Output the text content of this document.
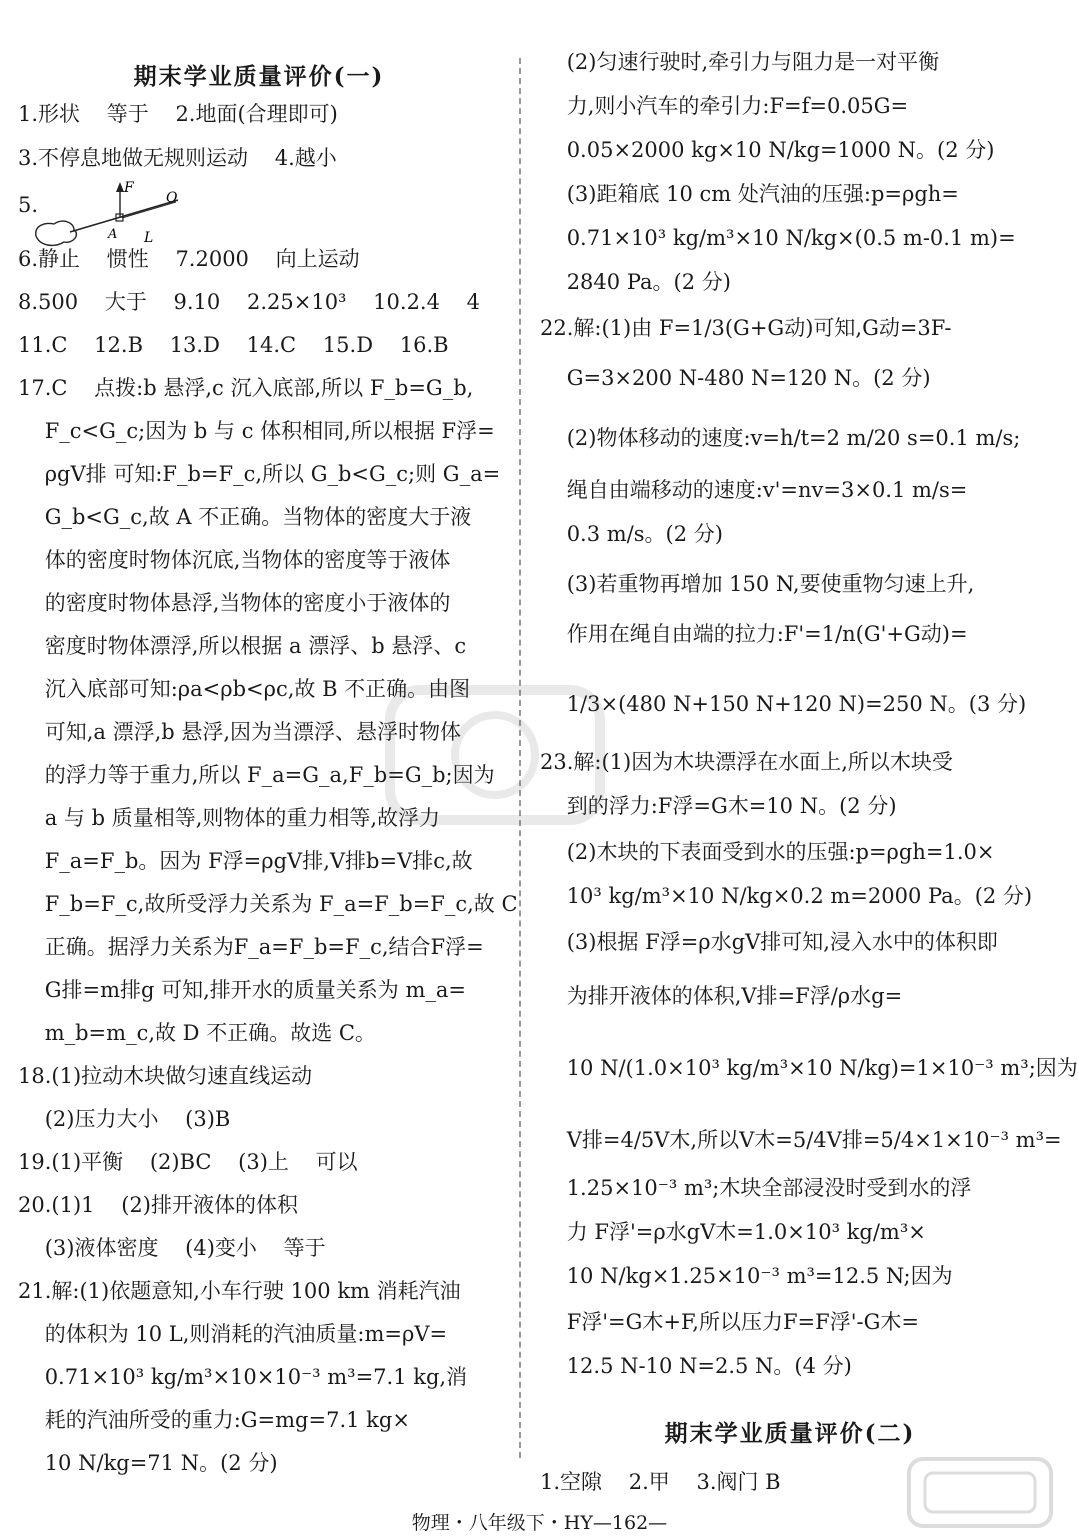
期末学业质量评价(一)
1.形状    等于    2.地面(合理即可)
3.不停息地做无规则运动    4.越小
5.
6.静止    惯性    7.2000    向上运动
8.500    大于    9.10    2.25×10³    10.2.4    4
11.C    12.B    13.D    14.C    15.D    16.B
17.C    点拨:b 悬浮,c 沉入底部,所以 F_b=G_b,
F_c<G_c;因为 b 与 c 体积相同,所以根据 F浮=
ρgV排 可知:F_b=F_c,所以 G_b<G_c;则 G_a=
G_b<G_c,故 A 不正确。当物体的密度大于液
体的密度时物体沉底,当物体的密度等于液体
的密度时物体悬浮,当物体的密度小于液体的
密度时物体漂浮,所以根据 a 漂浮、b 悬浮、c
沉入底部可知:ρa<ρb<ρc,故 B 不正确。由图
可知,a 漂浮,b 悬浮,因为当漂浮、悬浮时物体
的浮力等于重力,所以 F_a=G_a,F_b=G_b;因为
a 与 b 质量相等,则物体的重力相等,故浮力
F_a=F_b。因为 F浮=ρgV排,V排b=V排c,故
F_b=F_c,故所受浮力关系为 F_a=F_b=F_c,故 C
正确。据浮力关系为F_a=F_b=F_c,结合F浮=
G排=m排g 可知,排开水的质量关系为 m_a=
m_b=m_c,故 D 不正确。故选 C。
18.(1)拉动木块做匀速直线运动
(2)压力大小    (3)B
19.(1)平衡    (2)BC    (3)上    可以
20.(1)1    (2)排开液体的体积
(3)液体密度    (4)变小    等于
21.解:(1)依题意知,小车行驶 100 km 消耗汽油
的体积为 10 L,则消耗的汽油质量:m=ρV=
0.71×10³ kg/m³×10×10⁻³ m³=7.1 kg,消
耗的汽油所受的重力:G=mg=7.1 kg×
10 N/kg=71 N。(2 分)
F
O
A L
(2)匀速行驶时,牵引力与阻力是一对平衡
力,则小汽车的牵引力:F=f=0.05G=
0.05×2000 kg×10 N/kg=1000 N。(2 分)
(3)距箱底 10 cm 处汽油的压强:p=ρgh=
0.71×10³ kg/m³×10 N/kg×(0.5 m-0.1 m)=
2840 Pa。(2 分)
22.解:(1)由 F=1/3(G+G动)可知,G动=3F-
G=3×200 N-480 N=120 N。(2 分)
(2)物体移动的速度:v=h/t=2 m/20 s=0.1 m/s;
绳自由端移动的速度:v'=nv=3×0.1 m/s=
0.3 m/s。(2 分)
(3)若重物再增加 150 N,要使重物匀速上升,
作用在绳自由端的拉力:F'=1/n(G'+G动)=
1/3×(480 N+150 N+120 N)=250 N。(3 分)
23.解:(1)因为木块漂浮在水面上,所以木块受
到的浮力:F浮=G木=10 N。(2 分)
(2)木块的下表面受到水的压强:p=ρgh=1.0×
10³ kg/m³×10 N/kg×0.2 m=2000 Pa。(2 分)
(3)根据 F浮=ρ水gV排可知,浸入水中的体积即
为排开液体的体积,V排=F浮/ρ水g=
10 N/(1.0×10³ kg/m³×10 N/kg)=1×10⁻³ m³;因为
V排=4/5V木,所以V木=5/4V排=5/4×1×10⁻³ m³=
1.25×10⁻³ m³;木块全部浸没时受到水的浮
力 F浮'=ρ水gV木=1.0×10³ kg/m³×
10 N/kg×1.25×10⁻³ m³=12.5 N;因为
F浮'=G木+F,所以压力F=F浮'-G木=
12.5 N-10 N=2.5 N。(4 分)
期末学业质量评价(二)
1.空隙    2.甲    3.阀门 B
物理・八年级下・HY—162—
